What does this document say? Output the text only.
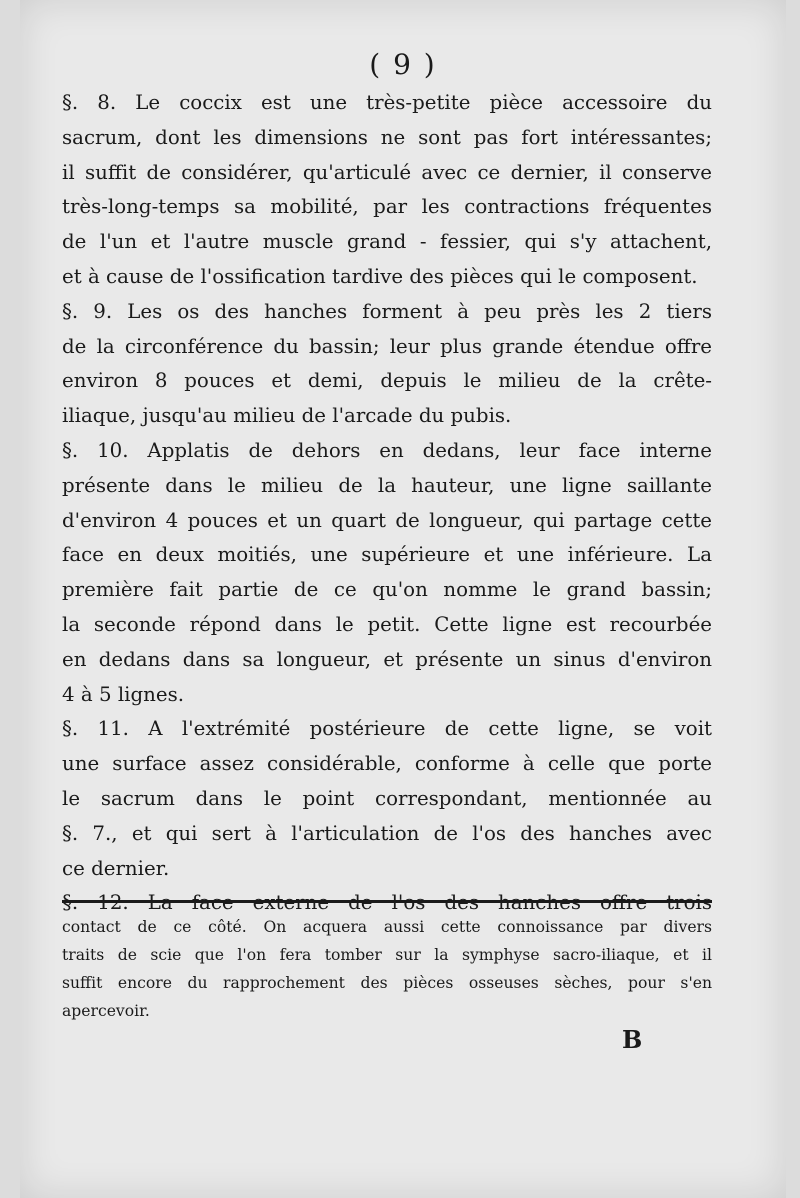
( 9 )
§. 8. Le coccix est une très-petite pièce accessoire du
sacrum, dont les dimensions ne sont pas fort intéressantes;
il suffit de considérer, qu'articulé avec ce dernier, il conserve
très-long-temps sa mobilité, par les contractions fréquentes
de l'un et l'autre muscle grand - fessier, qui s'y attachent,
et à cause de l'ossification tardive des pièces qui le composent.
§. 9. Les os des hanches forment à peu près les 2 tiers
de la circonférence du bassin; leur plus grande étendue offre
environ 8 pouces et demi, depuis le milieu de la crête-
iliaque, jusqu'au milieu de l'arcade du pubis.
§. 10. Applatis de dehors en dedans, leur face interne
présente dans le milieu de la hauteur, une ligne saillante
d'environ 4 pouces et un quart de longueur, qui partage cette
face en deux moitiés, une supérieure et une inférieure. La
première fait partie de ce qu'on nomme le grand bassin;
la seconde répond dans le petit. Cette ligne est recourbée
en dedans dans sa longueur, et présente un sinus d'environ
4 à 5 lignes.
§. 11. A l'extrémité postérieure de cette ligne, se voit
une surface assez considérable, conforme à celle que porte
le sacrum dans le point correspondant, mentionnée au
§. 7., et qui sert à l'articulation de l'os des hanches avec
ce dernier.
§. 12. La face externe de l'os des hanches offre trois
contact de ce côté. On acquera aussi cette connoissance par divers
traits de scie que l'on fera tomber sur la symphyse sacro-iliaque, et il
suffit encore du rapprochement des pièces osseuses sèches, pour s'en
apercevoir.
B
